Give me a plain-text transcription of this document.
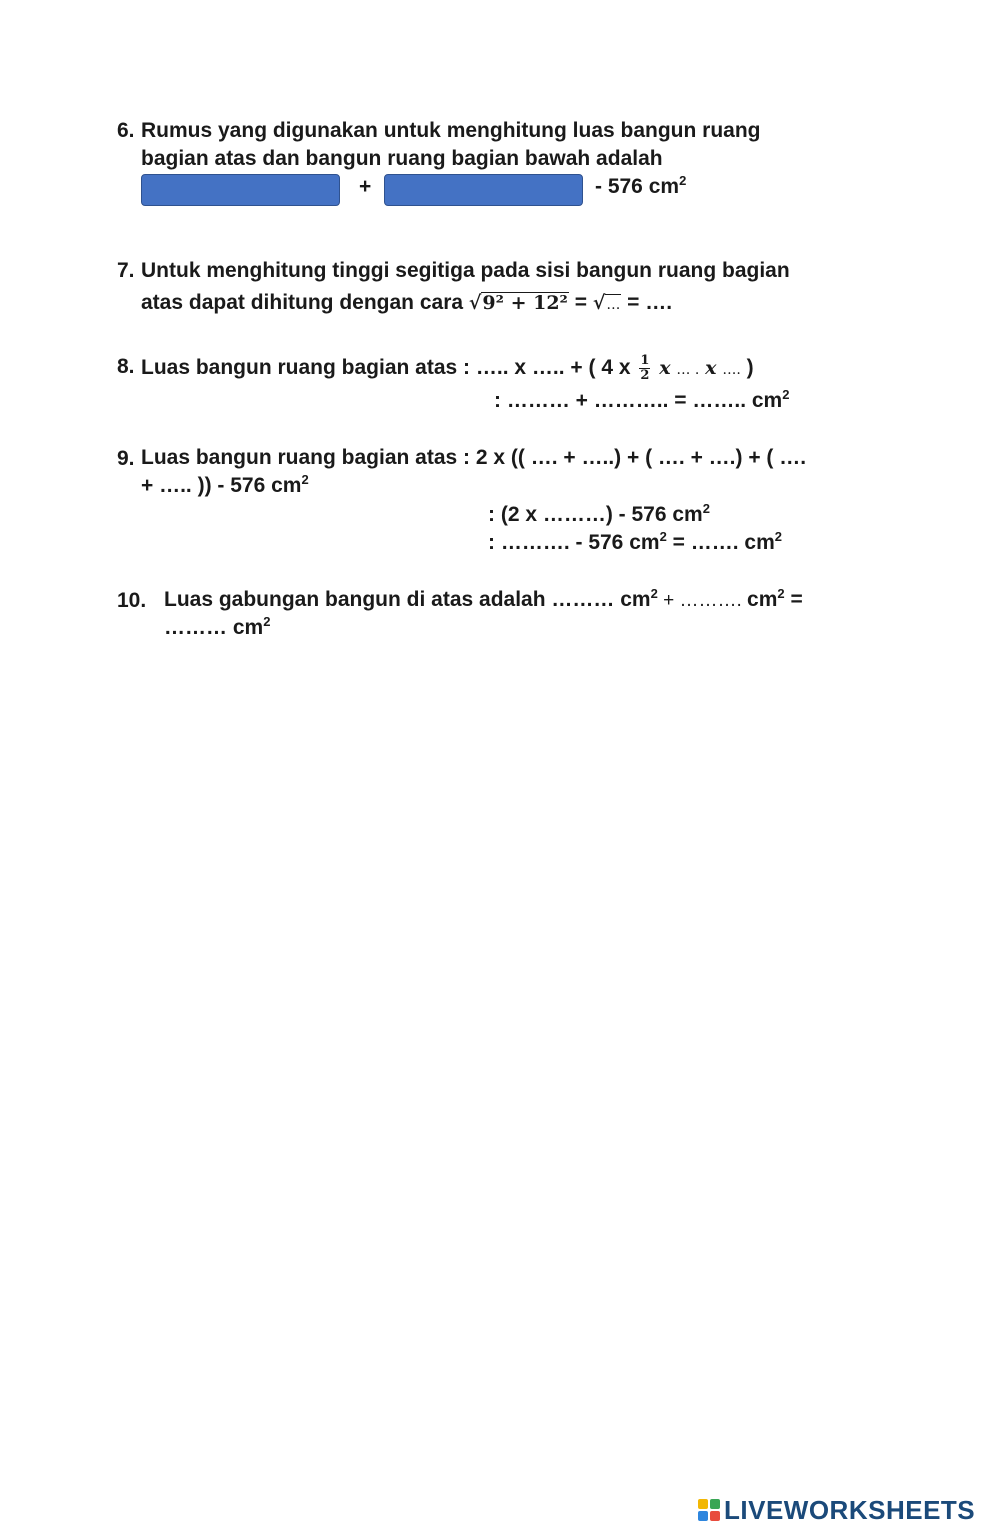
6. Rumus yang digunakan untuk menghitung luas bangun ruang
bagian atas dan bangun ruang bagian bawah adalah
+	- 576 $cm^2$
7. Untuk menghitung tinggi segitiga pada sisi bangun ruang bagian
atas dapat dihitung dengan cara √9² + 12² = √… = ….
8. Luas bangun ruang bagian atas : ….. x ….. + ( 4 x $\frac{1}{2}$ x … . x …. )
: ……… + ……….. = …….. $cm^2$
9. Luas bangun ruang bagian atas : 2 x (( …. + …..) + ( …. + ….) + ( ….
+ ….. )) - 576 $cm^2$
: (2 x ………) - 576 $cm^2$
: ………. - 576 $cm^2$ = ……. $cm^2$
10. Luas gabungan bangun di atas adalah ……… $cm^2$ + ………. $cm^2$ =
……… $cm^2$
LIVEWORKSHEETS
